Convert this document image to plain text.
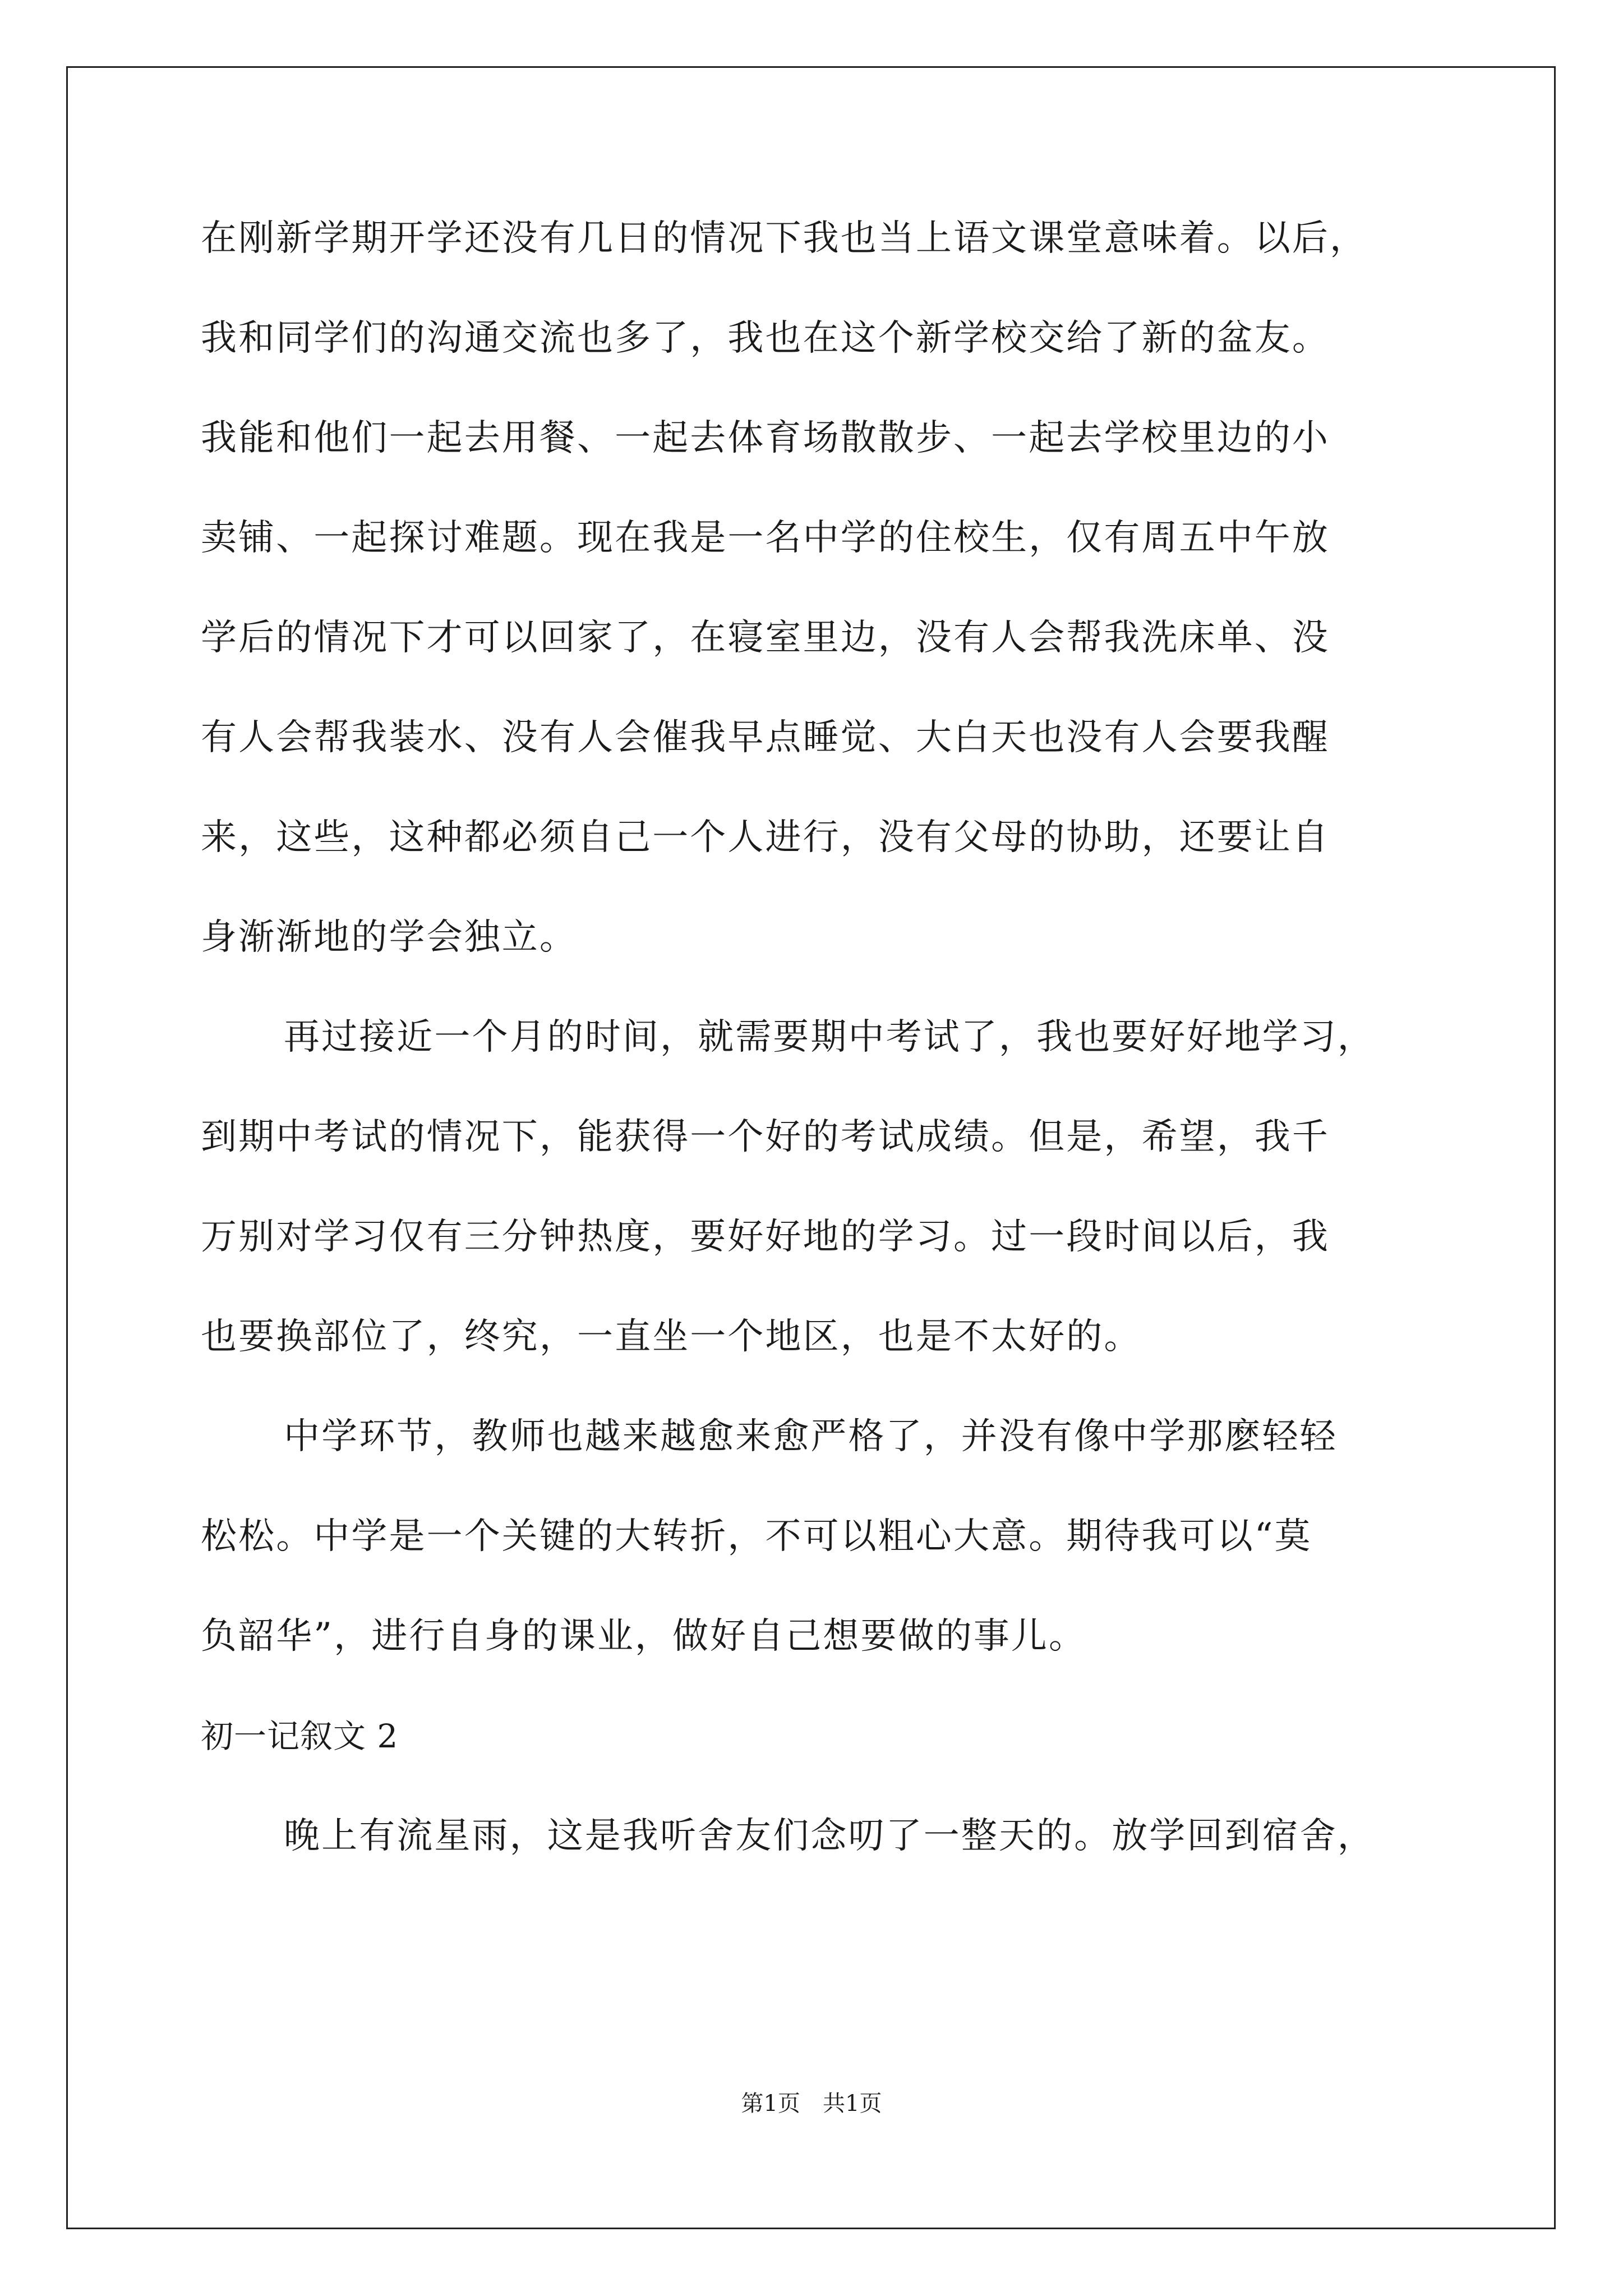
在刚新学期开学还没有几日的情况下我也当上语文课堂意味着。以后，
我和同学们的沟通交流也多了，我也在这个新学校交给了新的盆友。
我能和他们一起去用餐、一起去体育场散散步、一起去学校里边的小
卖铺、一起探讨难题。现在我是一名中学的住校生，仅有周五中午放
学后的情况下才可以回家了，在寝室里边，没有人会帮我洗床单、没
有人会帮我装水、没有人会催我早点睡觉、大白天也没有人会要我醒
来，这些，这种都必须自己一个人进行，没有父母的协助，还要让自
身渐渐地的学会独立。
再过接近一个月的时间，就需要期中考试了，我也要好好地学习，
到期中考试的情况下，能获得一个好的考试成绩。但是，希望，我千
万别对学习仅有三分钟热度，要好好地的学习。过一段时间以后，我
也要换部位了，终究，一直坐一个地区，也是不太好的。
中学环节，教师也越来越愈来愈严格了，并没有像中学那麽轻轻
松松。中学是一个关键的大转折，不可以粗心大意。期待我可以“莫
负韶华”，进行自身的课业，做好自己想要做的事儿。
初一记叙文 2
晚上有流星雨，这是我听舍友们念叨了一整天的。放学回到宿舍，
第1页　共1页
